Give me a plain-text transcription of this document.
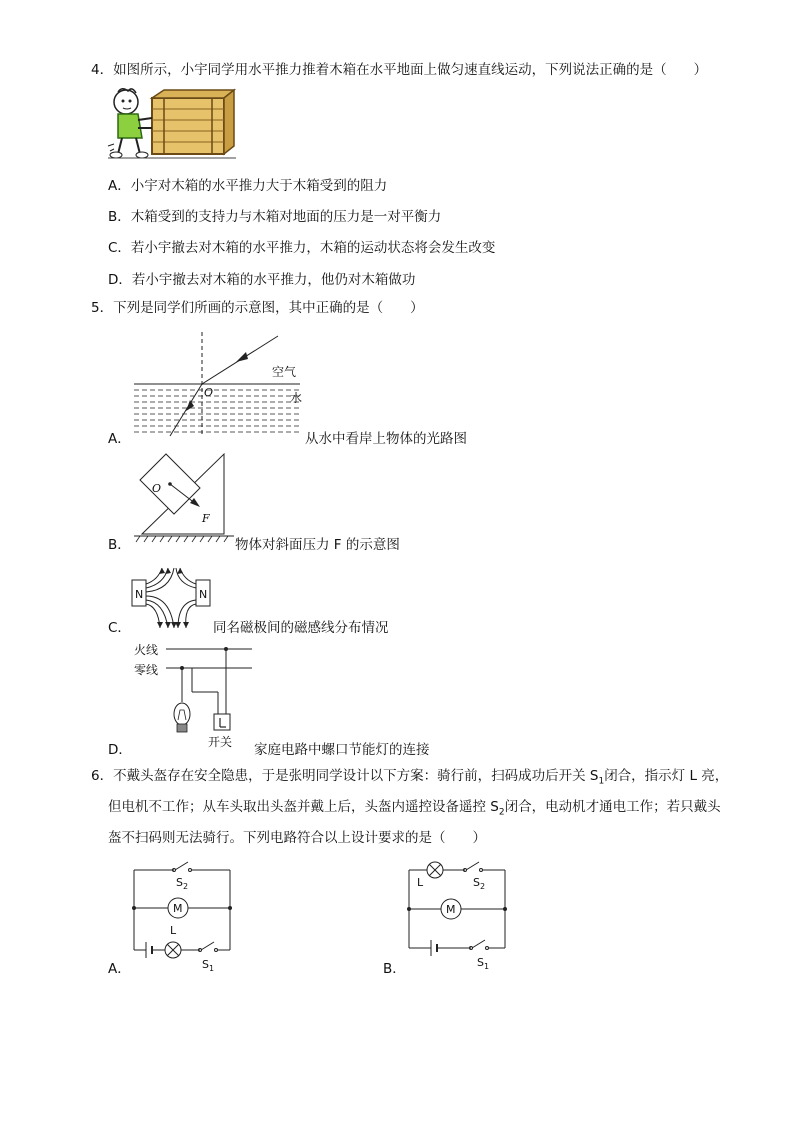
4．如图所示，小宇同学用水平推力推着木箱在水平地面上做匀速直线运动，下列说法正确的是（　　）
A．小宇对木箱的水平推力大于木箱受到的阻力
B．木箱受到的支持力与木箱对地面的压力是一对平衡力
C．若小宇撤去对木箱的水平推力，木箱的运动状态将会发生改变
D．若小宇撤去对木箱的水平推力，他仍对木箱做功
5．下列是同学们所画的示意图，其中正确的是（　　）
A．
空气
水
O
从水中看岸上物体的光路图
B．
O
F
物体对斜面压力 F 的示意图
C．
N	N
同名磁极间的磁感线分布情况
D．
火线
零线
开关 家庭电路中螺口节能灯的连接
6．不戴头盔存在安全隐患，于是张明同学设计以下方案：骑行前，扫码成功后开关 $S_1$闭合，指示灯 L 亮，
但电机不工作；从车头取出头盔并戴上后，头盔内遥控设备遥控 $S_2$闭合，电动机才通电工作；若只戴头
盔不扫码则无法骑行。下列电路符合以上设计要求的是（　　）
A．
$S_2$
M
L
$S_1$	B．
L	$S_2$
M
$S_1$
